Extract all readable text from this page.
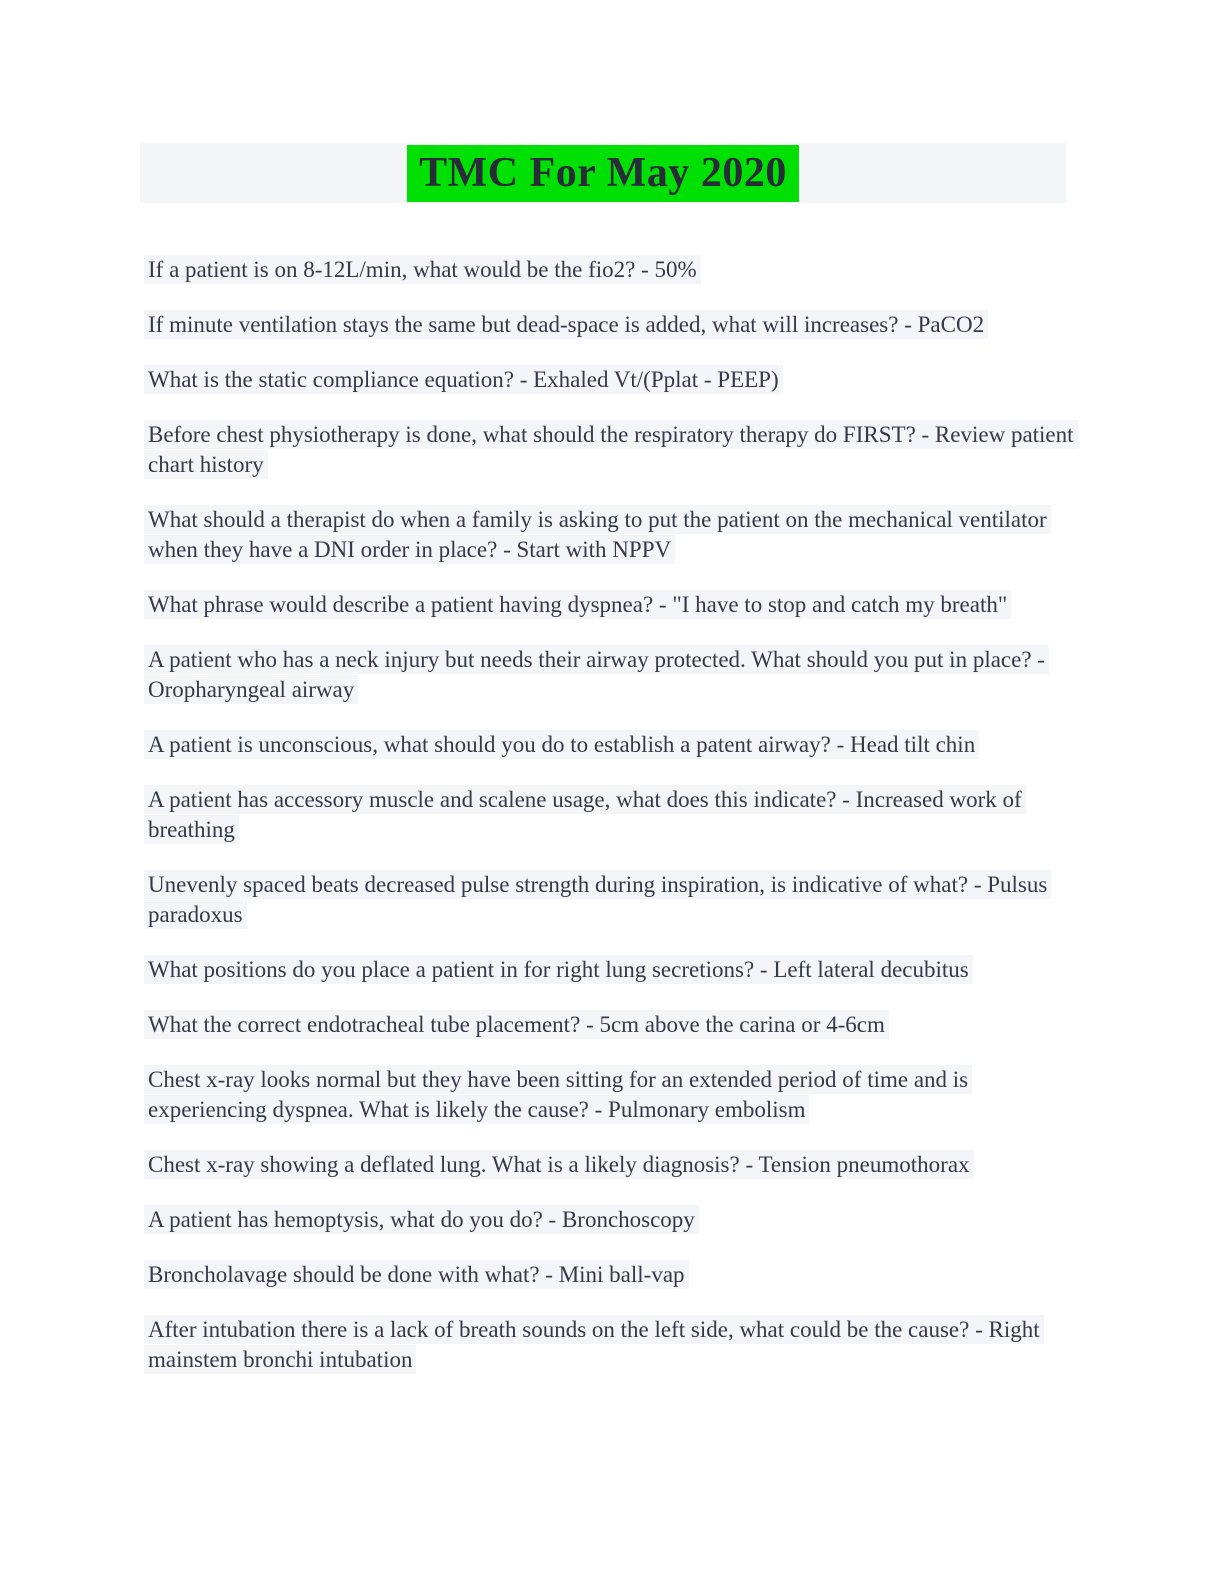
TMC For May 2020

If a patient is on 8-12L/min, what would be the fio2? - 50%

If minute ventilation stays the same but dead-space is added, what will increases? - PaCO2

What is the static compliance equation? - Exhaled Vt/(Pplat - PEEP)

Before chest physiotherapy is done, what should the respiratory therapy do FIRST? - Review patient chart history

What should a therapist do when a family is asking to put the patient on the mechanical ventilator when they have a DNI order in place? - Start with NPPV

What phrase would describe a patient having dyspnea? - "I have to stop and catch my breath"

A patient who has a neck injury but needs their airway protected. What should you put in place? - Oropharyngeal airway

A patient is unconscious, what should you do to establish a patent airway? - Head tilt chin

A patient has accessory muscle and scalene usage, what does this indicate? - Increased work of breathing

Unevenly spaced beats decreased pulse strength during inspiration, is indicative of what? - Pulsus paradoxus

What positions do you place a patient in for right lung secretions? - Left lateral decubitus

What the correct endotracheal tube placement? - 5cm above the carina or 4-6cm

Chest x-ray looks normal but they have been sitting for an extended period of time and is experiencing dyspnea. What is likely the cause? - Pulmonary embolism

Chest x-ray showing a deflated lung. What is a likely diagnosis? - Tension pneumothorax

A patient has hemoptysis, what do you do? - Bronchoscopy

Broncholavage should be done with what? - Mini ball-vap

After intubation there is a lack of breath sounds on the left side, what could be the cause? - Right mainstem bronchi intubation
